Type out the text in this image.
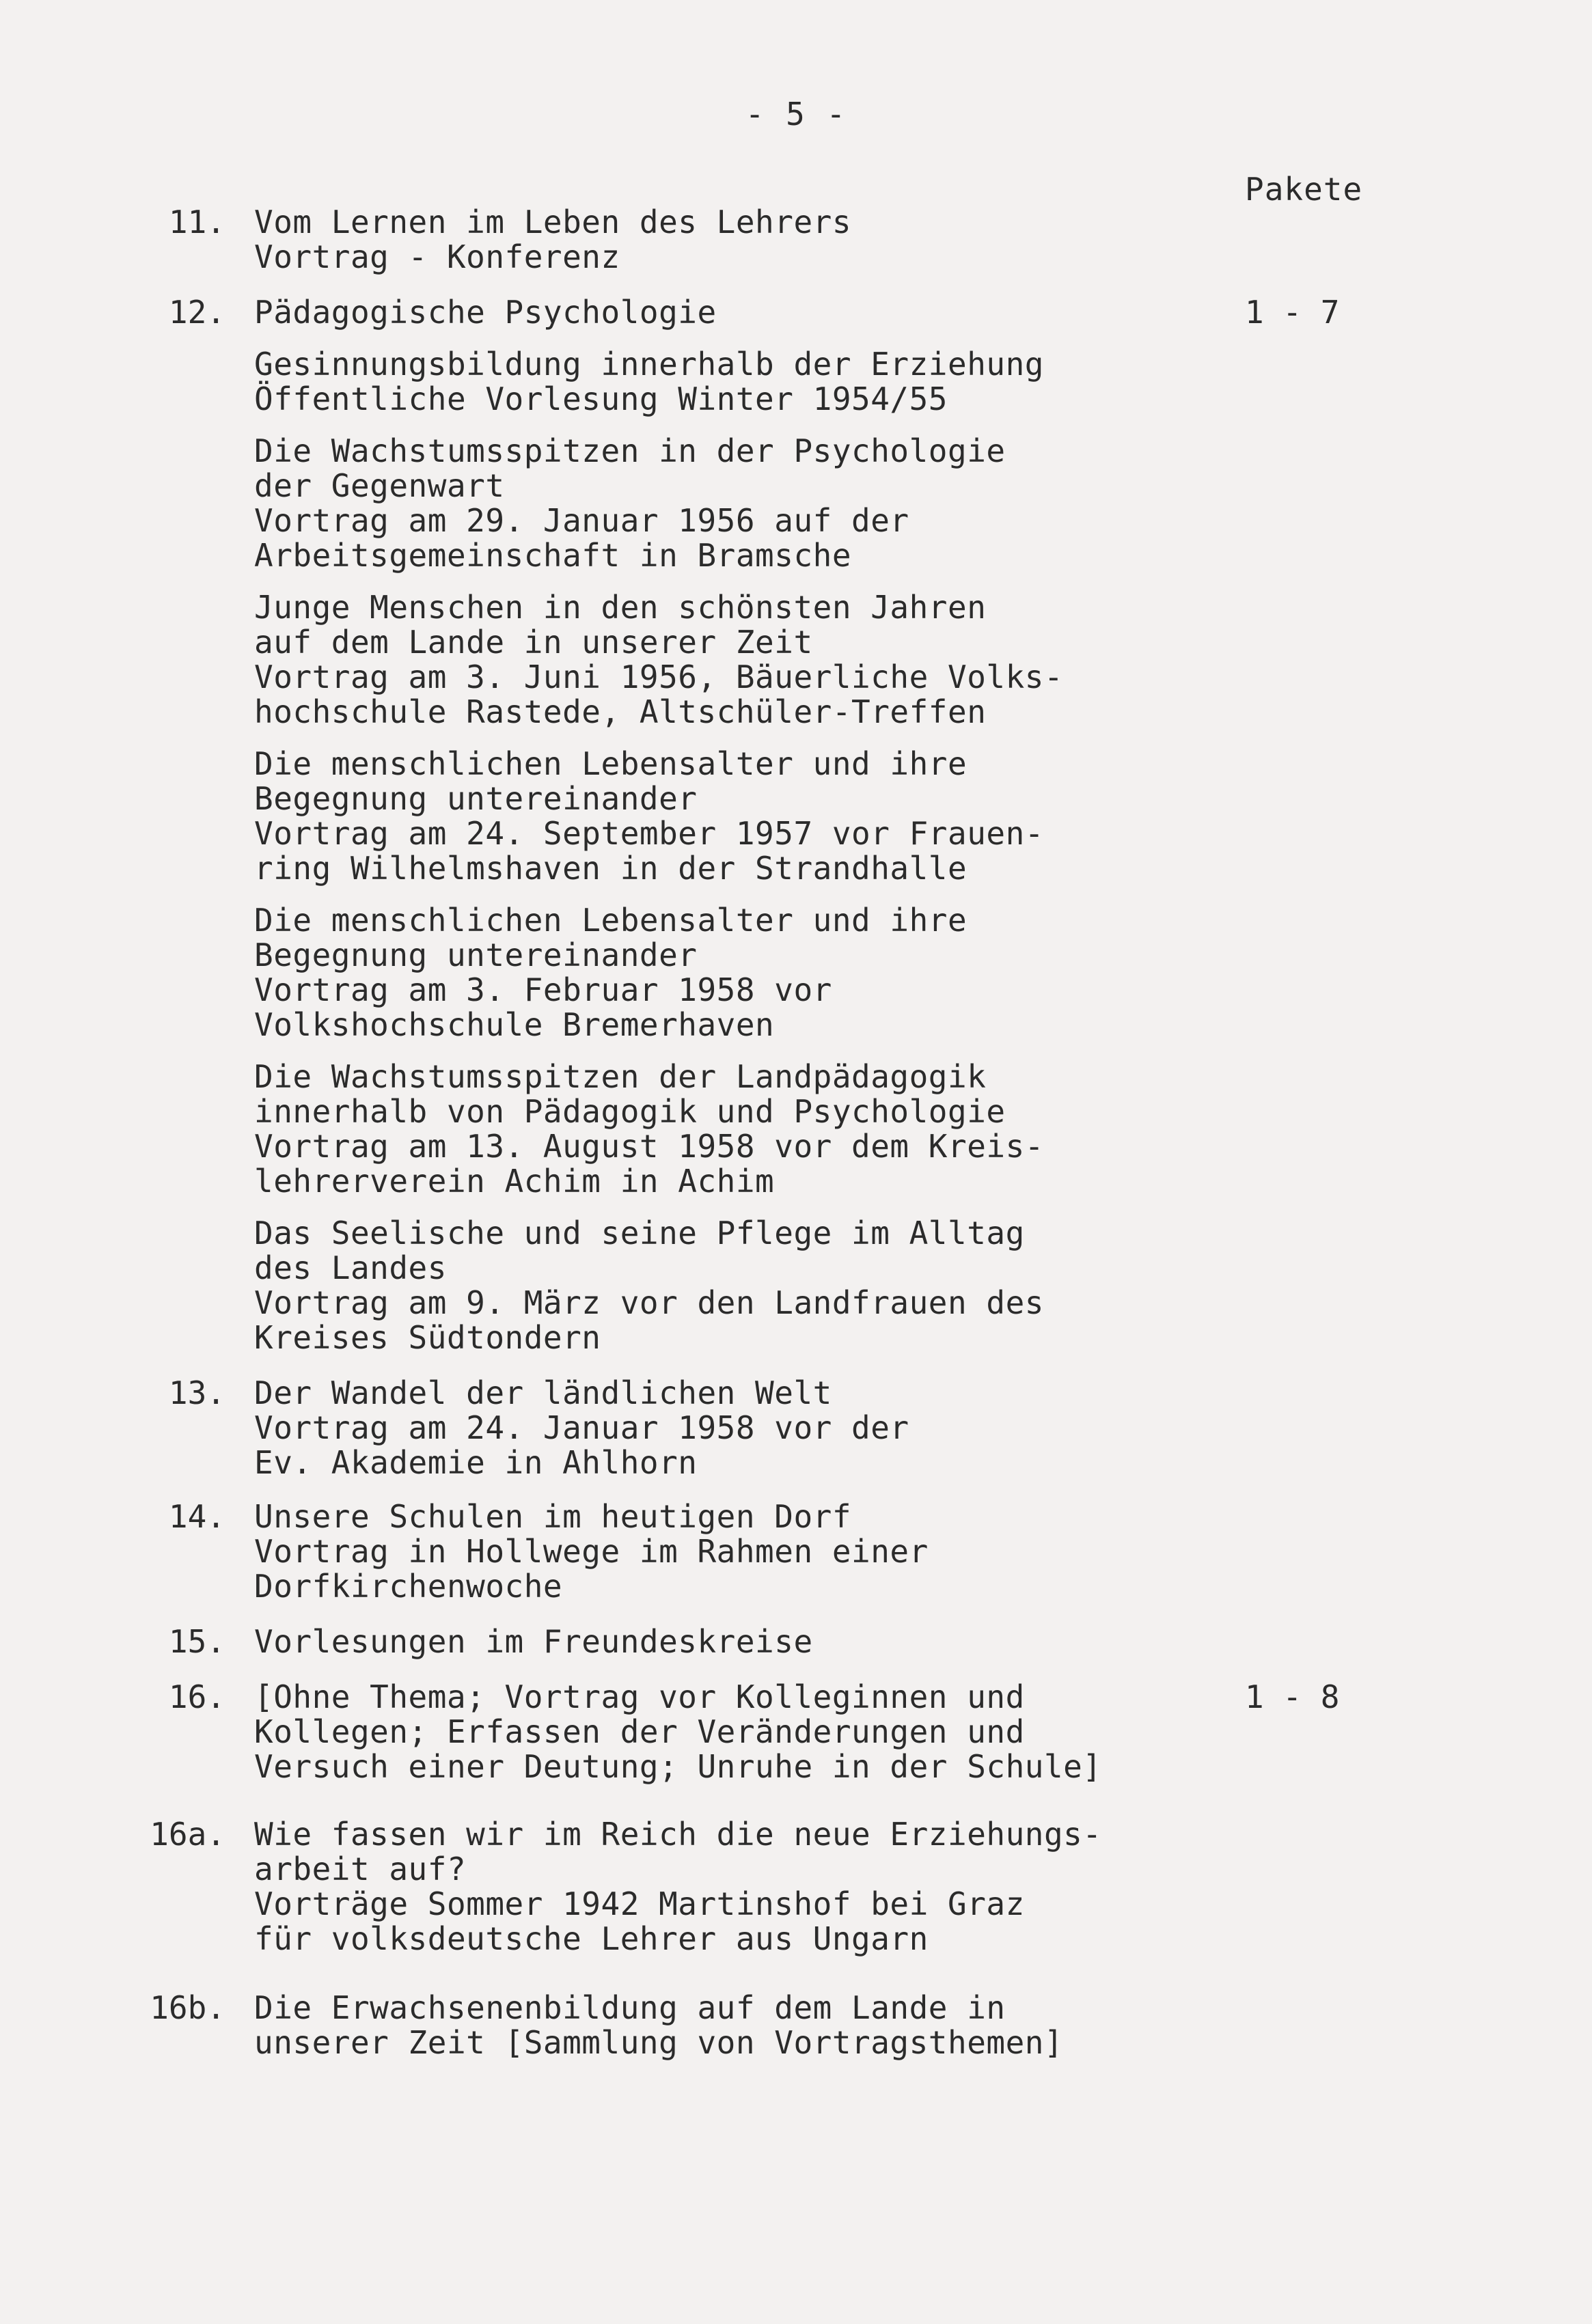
- 5 -
Pakete
11. Vom Lernen im Leben des Lehrers
Vortrag - Konferenz
12.	1 - 7
Pädagogische Psychologie
Gesinnungsbildung innerhalb der Erziehung
Öffentliche Vorlesung Winter 1954/55
Die Wachstumsspitzen in der Psychologie
der Gegenwart
Vortrag am 29. Januar 1956 auf der
Arbeitsgemeinschaft in Bramsche
Junge Menschen in den schönsten Jahren
auf dem Lande in unserer Zeit
Vortrag am 3. Juni 1956, Bäuerliche Volks-
hochschule Rastede, Altschüler-Treffen
Die menschlichen Lebensalter und ihre
Begegnung untereinander
Vortrag am 24. September 1957 vor Frauen-
ring Wilhelmshaven in der Strandhalle
Die menschlichen Lebensalter und ihre
Begegnung untereinander
Vortrag am 3. Februar 1958 vor
Volkshochschule Bremerhaven
Die Wachstumsspitzen der Landpädagogik
innerhalb von Pädagogik und Psychologie
Vortrag am 13. August 1958 vor dem Kreis-
lehrerverein Achim in Achim
Das Seelische und seine Pflege im Alltag
des Landes
Vortrag am 9. März vor den Landfrauen des
Kreises Südtondern
13. Der Wandel der ländlichen Welt
Vortrag am 24. Januar 1958 vor der
Ev. Akademie in Ahlhorn
14. Unsere Schulen im heutigen Dorf
Vortrag in Hollwege im Rahmen einer
Dorfkirchenwoche
15. Vorlesungen im Freundeskreise
16.	1 - 8
[Ohne Thema; Vortrag vor Kolleginnen und
Kollegen; Erfassen der Veränderungen und
Versuch einer Deutung; Unruhe in der Schule]
16a. Wie fassen wir im Reich die neue Erziehungs-
arbeit auf?
Vorträge Sommer 1942 Martinshof bei Graz
für volksdeutsche Lehrer aus Ungarn
16b. Die Erwachsenenbildung auf dem Lande in
unserer Zeit [Sammlung von Vortragsthemen]
